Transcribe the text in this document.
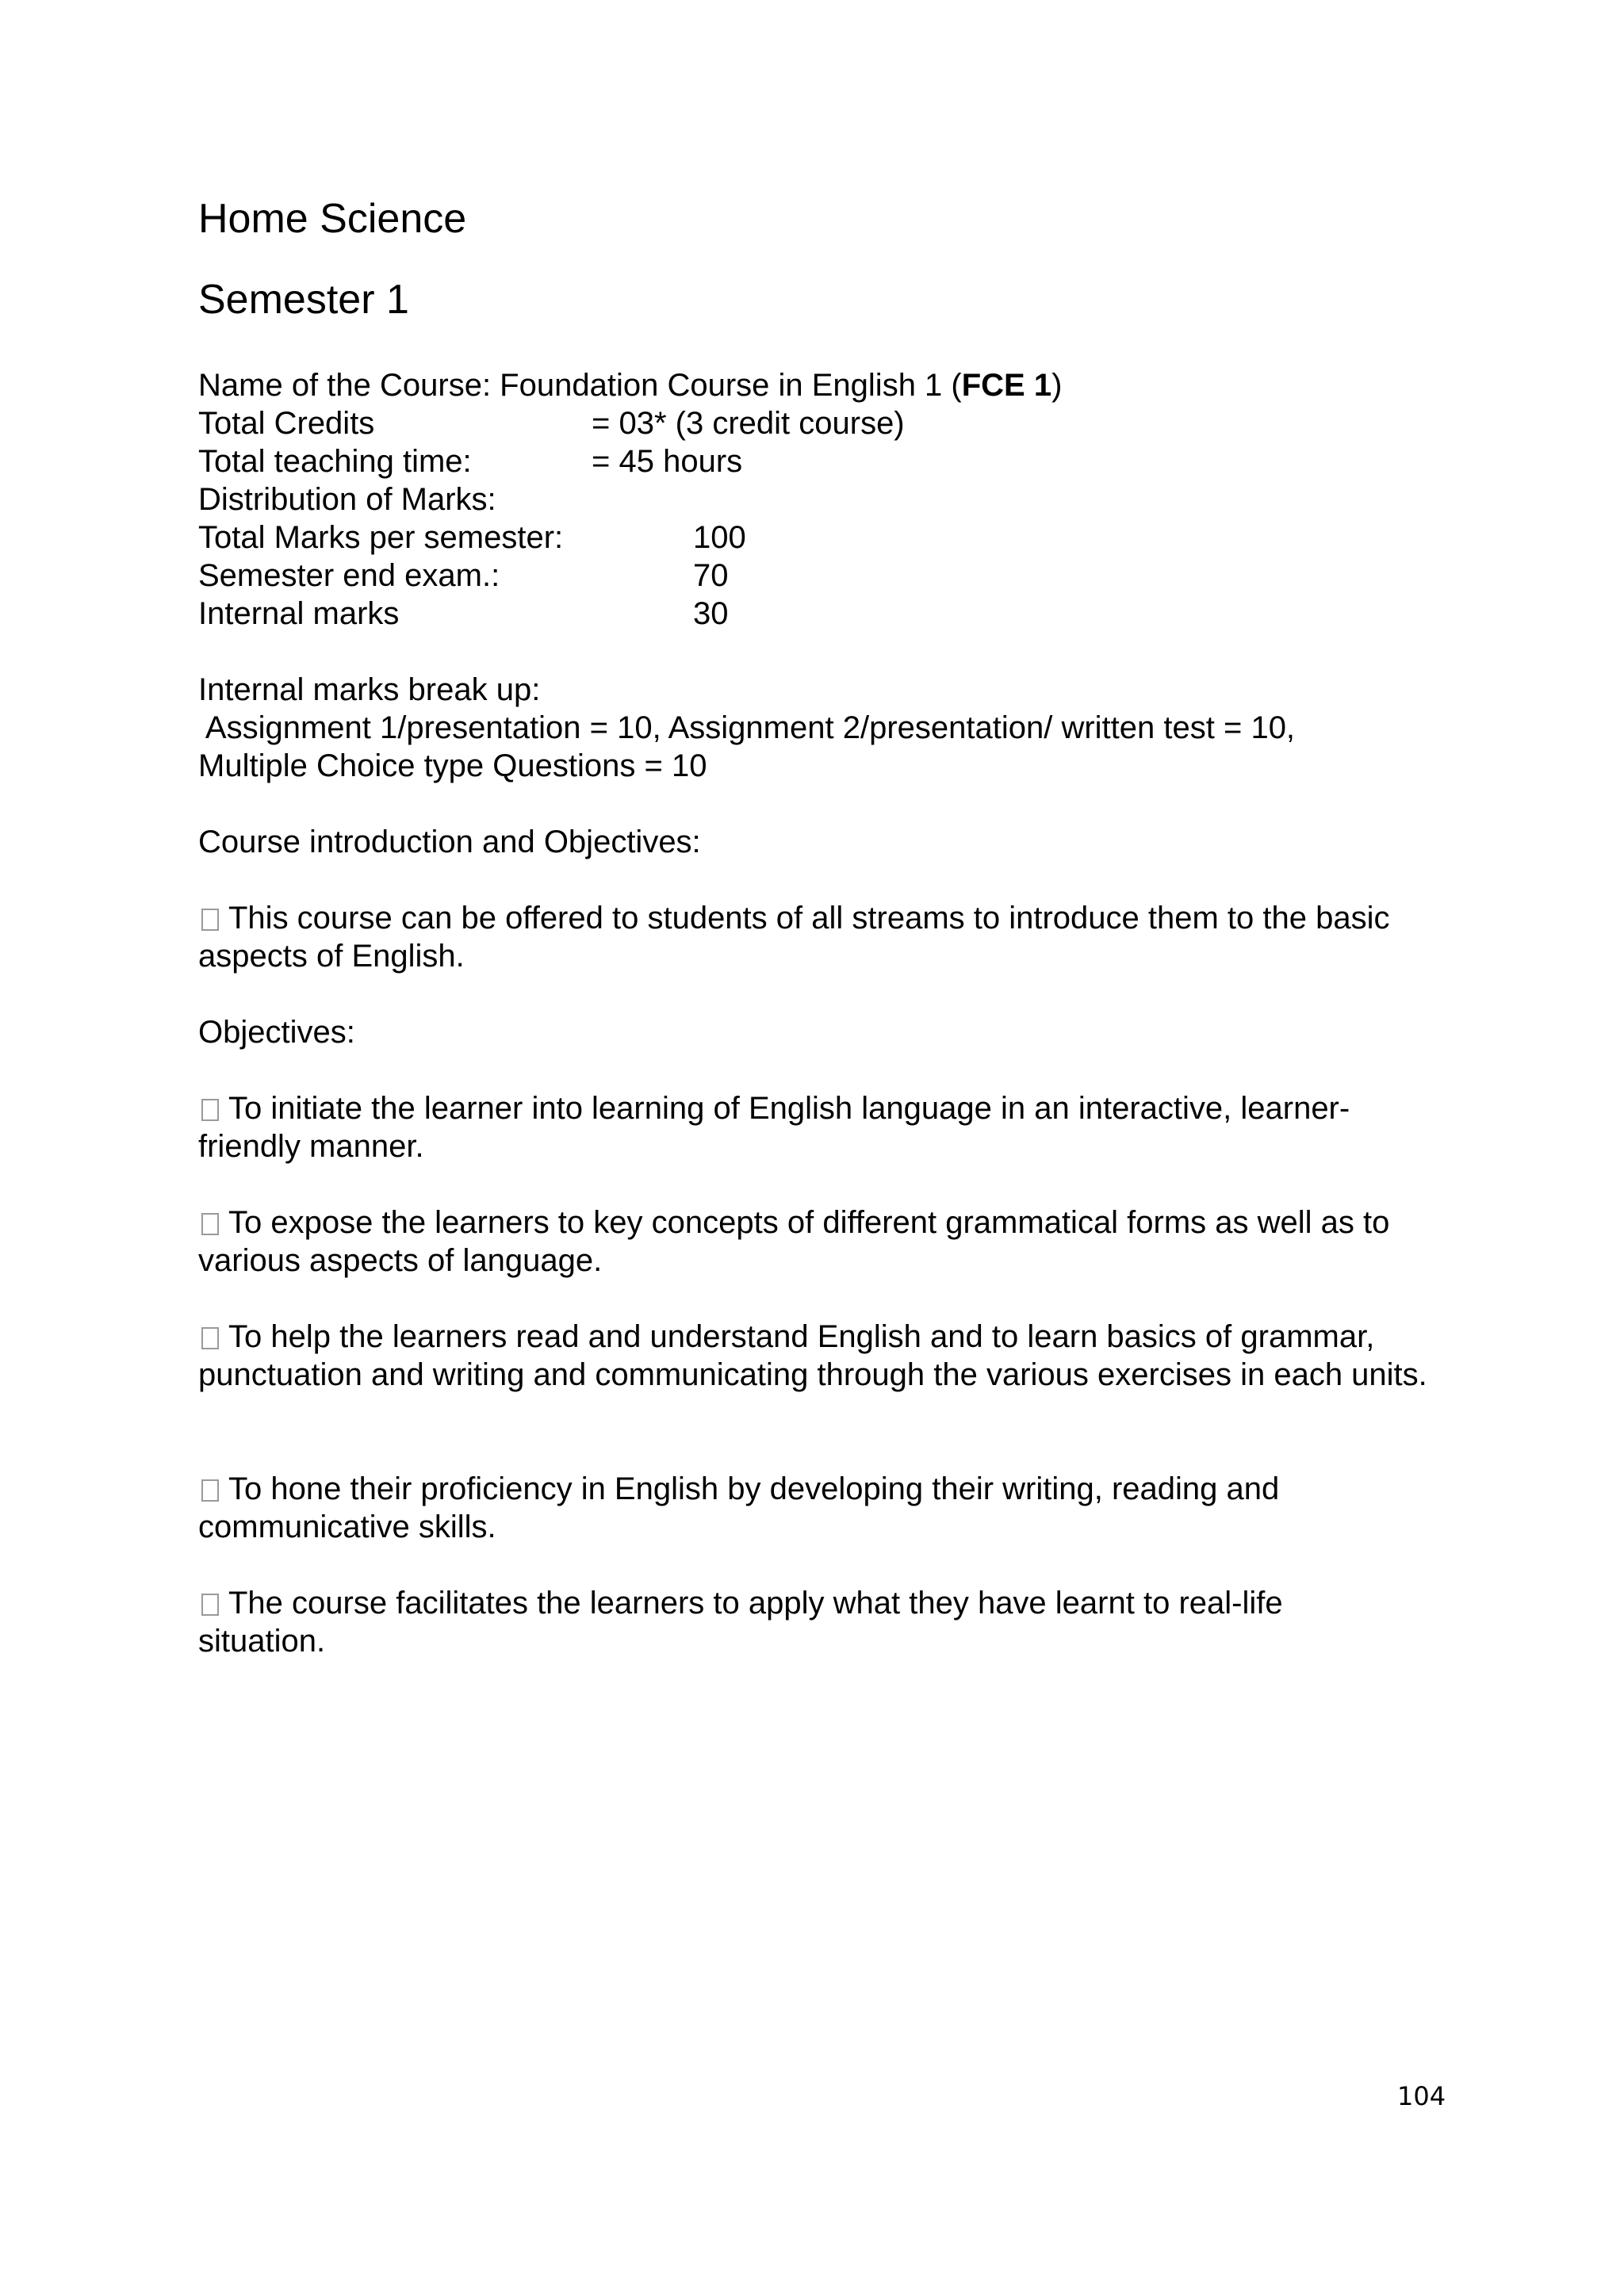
Home Science
Semester 1
Name of the Course: Foundation Course in English 1 (FCE 1)
Total Credits	= 03* (3 credit course)
Total teaching time:	= 45 hours
Distribution of Marks:
Total Marks per semester:	100
Semester end exam.:	70
Internal marks	30
Internal marks break up:
Assignment 1/presentation = 10, Assignment 2/presentation/ written test = 10,
Multiple Choice type Questions = 10
Course introduction and Objectives:

This course can be offered to students of all streams to introduce them to the basic aspects of English.

Objectives:

To initiate the learner into learning of English language in an interactive, learner-friendly manner.

To expose the learners to key concepts of different grammatical forms as well as to various aspects of language.

To help the learners read and understand English and to learn basics of grammar, punctuation and writing and communicating through the various exercises in each units.

To hone their proficiency in English by developing their writing, reading and communicative skills.

The course facilitates the learners to apply what they have learnt to real-life situation.

104
